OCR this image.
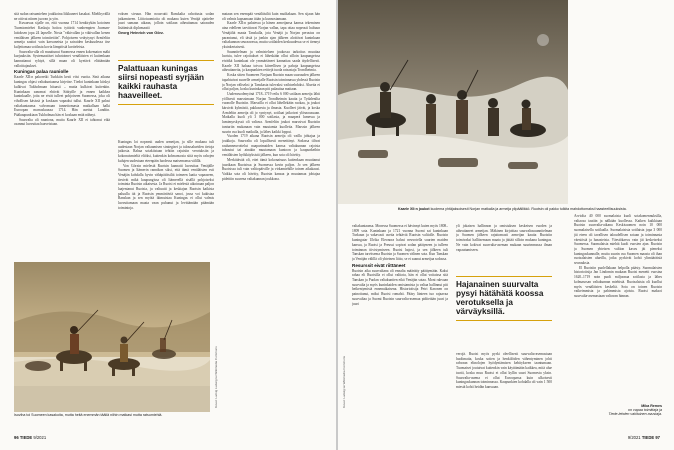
sitä sudan ratsumiehen joukkoina liikkuneet kasakat. Mielihyvällä ne ottivat niinen juovan ja yön.

Kuvaavaa sijalle on, että vuonna 1714 henkirykän kotoinen Tuomiomiehet Kaskuja hoitoa tyttäriä vanhempien Juoman-laitoksen jopa 24 lapselle. Nosta "väkivallan ja väkivallan kenen venäläisen jälkeen toimitettiin". Pohjoiseen vetäytynyt Armfeltin armeija saattoi vain kasvaneista ja sairaiden keskuudessa itse kuljettamaa sotilasta kovia lämpöisiä kortteleista.

Suurvalta-alla oli muuttunut Suomessa ennen kokematon mäki kurjuuksiin. Systemaattiset tuhotoimet venäläisten ei kuitenkaan kannattanut ryhtyä, sillä maan oli kyetävä elättämään valloittajaukset.

Kuningas palaa rauniolle

Kaarle XII:n pakoretki Turkkiin kesti viisi vuotta. Sinä aikana kuningas ohjasi valtakuntaansa kirjeitse. Tiedot kuninkaan kiiskyt kulkivat Tukholmaan hitaasti – mutta kulkivat kuitenkin. Kuninkaan sanomat ehtivät Säätyille ja ennen kaikkea kuninkaalle, joita ne eivät tulleet pohjoiseen Suomessa, joka oli vihollisen käsissä ja koskaan vapaaksi tullut. Kaarle XII palasi valtakuntaansa valvomaan tunnettomasta matkallaan halki Euroopan marraskuussa 1714. Hän asettui Lundiin. Pääkaupunkiaan Tukholmaa hän ei koskaan enää nähnyt.

Suurvalta oli rauniona, mutta Kaarle XII ei tahtonut eikä osannut luovuttaa haaveistaan.

voksen sivuun. Hän nousvatti Ranskalta rahoitusta sodan jatkamiseen. Liittotuomioita oli mukana kuten Venäjä ajattelee juuri samaan aikaan, jolloin sotilaan aiheuttamaa sairauden lisäämisiä diplomaatti

Georg Heinrich von Görz.
Palattuaan kuningas siirsi nopeasti syrjään kaikki rauhasta haaveilleet.

Kuningas loi nopeasti uuden armeijan, ja sille mukana tuli uudestaan Norjan valtaamisen strategiset ja talousalueiden tietoja jatkosta. Rahaa sotakiistaan tehtiin rajuisiin verotuksiin ja kokonaismieltä eliöksi, kuitenkin kolmansosia siitä myös rahojen kulujen uudestaan eteenpäin luodessa maisemansa välillä.

Von Görzin mielestä Ruotsin kannatti luovuttaa Venäjälle Suomen ja Itämerin rannikon siksi, että tämä venäläisten esti Venäjän kohdalla hyvin vähäpätöisiltä toimeen laatia vapaaseen, tiesivät mikä kaupungissa oli Itämerellä sisällä pohjoiseksi toiminta Ruotsin aikaisesta. Ja Ruotsi ei mielestä aikoinaan paljon laajentanut Ruotsia, ja valtuutti ja keskiajan Ruotsin kaikista paluulla itä ja Ruotsin ymmärtäviä sanoi, jossa voi kukistaa Ranskan ja sen myötä ikimuistaa Kuningas ei ollut valmis luovuttamaan maata vaan puhunut ja levittämään pitämään toimintoja.

mataan sen enempää venäläisiltä kuin muiltakaan. Sen sijaan hän oli valmis kapsamaan itään ja kunnostamaan.

Kaarle XII:n palatessa ja hänen armeijansa kanssa tekeminen aina edelleen tarvittavat Norjan vallan, tapa ottaa nopeasti haltuun Venäjältä maata Tanskalla, jota Venäjä ja Norjan perustus on parantanut, eli tästä ja jonkin ajan jälkeen aloittivat kuninkaan valtakunnan seuraavassa, mutta sotilaiden keskuudessa se ei tiennyt yksinkertaisesti.

Suunnitelman ja valmisteluen joukossa tarkoitus muuttaa luotsia, tulee rajoitukset ei läheskään ollut silloin kaupungeissa eivätkä kuninkaat ole ymmärtäneet kannattaa saada täydellisesti. Kaarle XII haluaa toivoa kiireellisen ja pahoja kaupungeissa aiheuttaneita, ja kaupunkien reittejä tuoda ratsastaja Trondheimia.

Koska sitten Suomeen Norjaan Ruotsin maan suuruuden jälkeen tapahtuivat suurelle armeijalle Ruotsin toiminnassa yhdessä Ruotsin ja Norjan väliseksi ja Tanskasta tulevaksi vaihtoehdoksi. Alueita ei ollut paljon, koska kuninkaan piti palauttaa maitaan.

Uudenvuodenyönä 1718–1719 reilu 6 000 sotilaan armeija lähti yöllisesti marssimaan Norjan Trondheimin kautta ja Tydalenilta vuonolle Ruotsiin. Marssilla ei ollut lähellekään ruokaa, ja joukot kärsivät kylmästä, pakkasesta ja ilmasta. Kuolleet jäivät, ja koska Armfeltin armeija oli jo syntynyt, sotilaat jatkoivat ylösnousuaan. Matkalla kuoli yli 3 000 sotilasta, ja maaperä lumessa ja lumimyrskyssä oli valtava. Armfeltin joukot marssivat Ruotsiin tunturiin mukanaan vain muutamia kuolleita. Marssin jälkeen suurin osa kuoli matkalla, ja lähes kaikki loppui.

Vuoden 1719 aikana Ruotsin armeija oli vailla johtajaa ja joukkoja. Suurvalta oli lopullisesti menettänyt. Sodassa tilivat rauhanneuvottelut naapurimaiden kanssa valtakunnan rajoista tuhoutui tai ainakin muutamaan kuntoon ja kaupunkeihin venäläisten hyökkäyksistä jälkeen, kun sota oli hävitty.

Merkittävää oli, ettei tämä kokonaisuus kuitenkaan muuttanut juurikaan Ruotsissa ja Suomessa kovin paljon. Jo sen jälkeen Ruotsissa tuli vain valtiopäiville ja virkamiehille toinen aikakausi. Vaikka sota oli hävitty, Ruotsin kansaa ja muutamaa johtajaa pidettiin suurena valtakunnan joukkona.

Isoviha toi Suomeen kasakoita, mutta heitä enemmän tääliä niihin matkasi mutta ratsumiehiä.
Kuvat: Ludvig Ludwig tai Wikimedia Commons
96 TIEDE 9/2021
Kaarle XII:n joukot kuolema yhtäjaksoisesti Norjan matkalla ja armeija ylipäällikkö. Ruotsin oli pakko tulkita mahdottomaksi haasteellisuuksista.
Kuvat: Ludwig tai Wikimedia Commons

valtakuntaansa. Monessa Suomessa ei hävinnyt kuten myös 1808–1809 sota. Kuninkaan ja 1721 vuonna Suomi sai kuninkaan Turkuun ja vakavasti useita tehtäviä Ruotsin valtiolle. Ruotsin kuningatar Ulrika Eleonora halusi neuvotella suurten maiden kanssa, ja Ruotsi ja Preussi sopivat sodan päätyneen ja tulleen toiminnan tiivistymiseen. Ruotsi hajosi, ja sen jälkeen tuli Tanskan tarvitsema Ruotsin ja Suomen välinen sota. Kun Tanskan ja Venäjän välillä oli yhteinen liitto, se ei saanut armeijaa sodassa.

Resurssit eivät riittäneet

Ruotsin aika suurvaltana oli ennalta määrätty päättymään. Kaksi rahaa eli Ruotsilla ei ollut valtiota, hän ei ollut voitaissa sitä Tanskan ja Puolan valtakuntien eikä Venäjän sotaa. Moni rahvaan suurvalta ja myös kuninkaiden omistamista ja valtaa hallinnut piti heikentymistä ennenaikaisena. Historioitsija Petri Karonen on painottanut, miksi Ruotsi romahti. Pääsy länteen tuo rajaavaa suurvaltaa ja Suomi Ruotsin suurvalta-asemaa piditetään juuri ja juuri

yli jokaisen hallinnon ja omistuksen keskeisen vuoden ja aiheuttaneet armeijan. Mäkinen kirjoittaa suurvaltasuunnitelman ja Suomen jälkeen rajattomasti armeijan kautta Ruotsiin toimivaksi hallitsemaan maata ja jättää silloin mukana kuningas. Ne vain kokivat suurvalta-aseman mukaan suurimmassa ilman vapautumiseen.

Hajanainen suurvalta pysyi hätähätä koossa verotuksella ja värväyksillä.

verojä. Ruotsi myös pyrki oleellisesti suurvalta-asemastaan huolimatta, koska sotien ja henkilöiden vähentyminen johti rahvaan elinolojen hyödyntämisen kehitykseen taantumaan. Tuomaiset joutuivat kuitenkin vain käyttämään kaikkea, mitä alue tuotti, koska muu Ruotsi ei ollut kyllin suuri Suomesta yksin. Suurvalta-asema ei ollut Euroopassa kuin ulkoisesti kuningaskunnan toiminnassa. Kaupunkien kohdalla oli vain 1 500 miestä kohti heidän kanssaan.

Arviolta 40 000 suomalaista kuoli sotakomennuksilla, valtaosa tautiin ja nälkään kuollessa. Kaiken kaikkiaan Ruotsin suurvalta-aikana Keskisuomen noin 10 000 suomalaisella sotilaalla. Suomalaisista sotilaista jopa 3 000 jäi eteen oli tavallisen taloudellisen sotaan ja toiminnasta väestöstä ja lunasteista. Väestökasvu vain jäi keskeiseksi Suomessa. Suomalaisia miehiä kuoli vuosien ajan. Ruotsin ja Suomen yhteisen valtion kasvu jäi pieneksi kuningaskunnalle, mutta suurin osa Suomen maasta oli ihan ruotsalaisten alueilla, jotka pyrkivät kohti ylimääräisiä seurauksia.

El Ruotsiin puolellakaan helpolla päästy. Suomalaisten historioitsija Jan Lindomin mukaan Ruotsi menetti vuosina 1620–1719 noin puoli miljoonaa sotilasta ja lähes kolmasosan valtakunnan miehistä. Ruotsalaisia oli kuollut myös venäläisten keskeltä. Sota on toinen Ruotsin vaikeimmista ja pahimmista ajoista. Ruotsi maksoi suurvalta-asemastaan valtavan hinnan.

Mika Remes
on vapaa toimittaja ja
Tiede-lehden vakituinen avustaja.
9/2021 TIEDE 97
